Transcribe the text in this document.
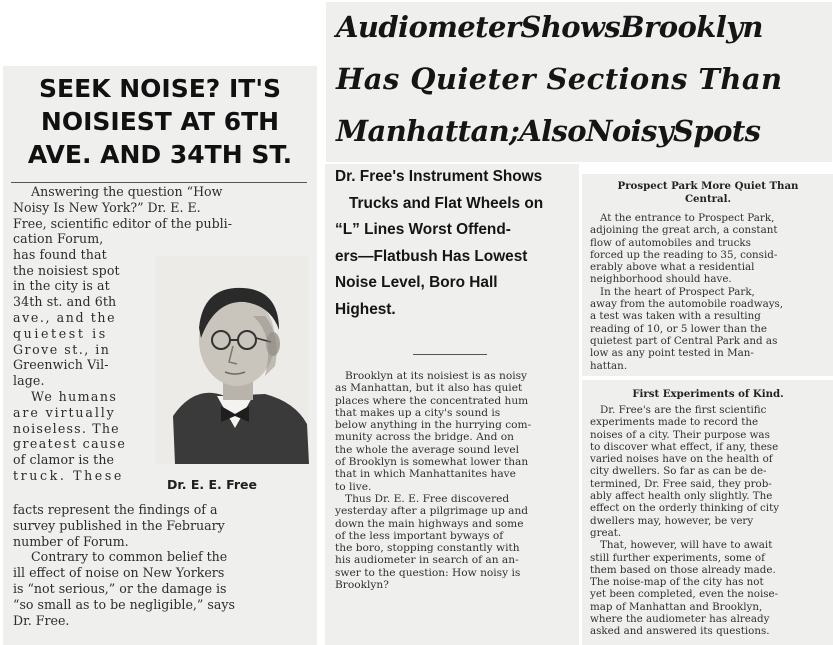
SEEK NOISE? IT'S
NOISIEST AT 6TH
AVE. AND 34TH ST.
Answering the question “How
Noisy Is New York?” Dr. E. E.
Free, scientific editor of the publi-
cation Forum,
has found that
the noisiest spot
in the city is at
34th st. and 6th
ave., and the
quietest is
Grove st., in
Greenwich Vil-
lage.
We humans
are virtually
noiseless. The
greatest cause
of clamor is the
truck. These
Dr. E. E. Free
facts represent the findings of a
survey published in the February
number of Forum.
Contrary to common belief the
ill effect of noise on New Yorkers
is “not serious,” or the damage is
“so small as to be negligible,” says
Dr. Free.
AudiometerShowsBrooklyn
Has Quieter Sections Than
Manhattan;AlsoNoisySpots
Dr. Free's Instrument Shows
Trucks and Flat Wheels on
“L” Lines Worst Offend-
ers—Flatbush Has Lowest
Noise Level, Boro Hall
Highest.
Brooklyn at its noisiest is as noisy
as Manhattan, but it also has quiet
places where the concentrated hum
that makes up a city's sound is
below anything in the hurrying com-
munity across the bridge. And on
the whole the average sound level
of Brooklyn is somewhat lower than
that in which Manhattanites have
to live.
Thus Dr. E. E. Free discovered
yesterday after a pilgrimage up and
down the main highways and some
of the less important byways of
the boro, stopping constantly with
his audiometer in search of an an-
swer to the question: How noisy is
Brooklyn?
Prospect Park More Quiet Than
Central.
At the entrance to Prospect Park,
adjoining the great arch, a constant
flow of automobiles and trucks
forced up the reading to 35, consid-
erably above what a residential
neighborhood should have.
In the heart of Prospect Park,
away from the automobile roadways,
a test was taken with a resulting
reading of 10, or 5 lower than the
quietest part of Central Park and as
low as any point tested in Man-
hattan.
First Experiments of Kind.
Dr. Free's are the first scientific
experiments made to record the
noises of a city. Their purpose was
to discover what effect, if any, these
varied noises have on the health of
city dwellers. So far as can be de-
termined, Dr. Free said, they prob-
ably affect health only slightly. The
effect on the orderly thinking of city
dwellers may, however, be very
great.
That, however, will have to await
still further experiments, some of
them based on those already made.
The noise-map of the city has not
yet been completed, even the noise-
map of Manhattan and Brooklyn,
where the audiometer has already
asked and answered its questions.
